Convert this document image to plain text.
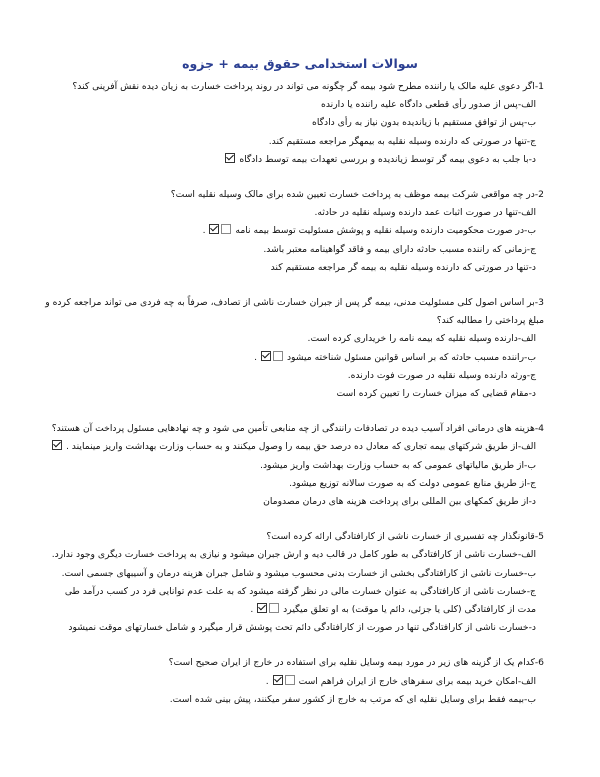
سوالات استخدامی حقوق بیمه + جزوه
1-اگر دعوی علیه مالک یا راننده مطرح شود بیمه گر چگونه می تواند در روند پرداخت خسارت به زیان دیده نقش آفرینی کند؟
الف-پس از صدور رأی قطعی دادگاه علیه راننده یا دارنده
ب-پس از توافق مستقیم با زیاندیده بدون نیاز به رأی دادگاه
ج-تنها در صورتی که دارنده وسیله نقلیه به بیمهگر مراجعه مستقیم کند.
د-با جلب به دعوی بیمه گر توسط زیاندیده و بررسی تعهدات بیمه توسط دادگاه
2-در چه مواقعی شرکت بیمه موظف به پرداخت خسارت تعیین شده برای مالک وسیله نقلیه است؟
الف-تنها در صورت اثبات عمد دارنده وسیله نقلیه در حادثه.
ب-در صورت محکومیت دارنده وسیله نقلیه و پوشش مسئولیت توسط بیمه نامه  .
ج-زمانی که راننده مسبب حادثه دارای بیمه و فاقد گواهینامه معتبر باشد.
د-تنها در صورتی که دارنده وسیله نقلیه به بیمه گر مراجعه مستقیم کند
3-بر اساس اصول کلی مسئولیت مدنی، بیمه گر پس از جبران خسارت ناشی از تصادف، صرفاً به چه فردی می تواند مراجعه کرده و مبلغ پرداختی را مطالبه کند؟
الف-دارنده وسیله نقلیه که بیمه نامه را خریداری کرده است.
ب-راننده مسبب حادثه که بر اساس قوانین مسئول شناخته میشود  .
ج-ورثه دارنده وسیله نقلیه در صورت فوت دارنده.
د-مقام قضایی که میزان خسارت را تعیین کرده است
4-هزینه های درمانی افراد آسیب دیده در تصادفات رانندگی از چه منابعی تأمین می شود و چه نهادهایی مسئول پرداخت آن هستند؟
الف-از طریق شرکتهای بیمه تجاری که معادل ده درصد حق بیمه را وصول میکنند و به حساب وزارت بهداشت واریز مینمایند .
ب-از طریق مالیاتهای عمومی که به حساب وزارت بهداشت واریز میشود.
ج-از طریق منابع عمومی دولت که به صورت سالانه توزیع میشود.
د-از طریق کمکهای بین المللی برای پرداخت هزینه های درمان مصدومان
5-قانونگذار چه تفسیری از خسارت ناشی از کارافتادگی ارائه کرده است؟
الف-خسارت ناشی از کارافتادگی به طور کامل در قالب دیه و ارش جبران میشود و نیازی به پرداخت خسارت دیگری وجود ندارد.
ب-خسارت ناشی از کارافتادگی بخشی از خسارت بدنی محسوب میشود و شامل جبران هزینه درمان و آسیبهای جسمی است.
ج-خسارت ناشی از کارافتادگی به عنوان خسارت مالی در نظر گرفته میشود که به علت عدم توانایی فرد در کسب درآمد طی مدت از کارافتادگی (کلی یا جزئی، دائم یا موقت) به او تعلق میگیرد  .
د-خسارت ناشی از کارافتادگی تنها در صورت از کارافتادگی دائم تحت پوشش قرار میگیرد و شامل خسارتهای موقت نمیشود
6-کدام یک از گزینه های زیر در مورد بیمه وسایل نقلیه برای استفاده در خارج از ایران صحیح است؟
الف-امکان خرید بیمه برای سفرهای خارج از ایران فراهم است  .
ب-بیمه فقط برای وسایل نقلیه ای که مرتب به خارج از کشور سفر میکنند، پیش بینی شده است.
